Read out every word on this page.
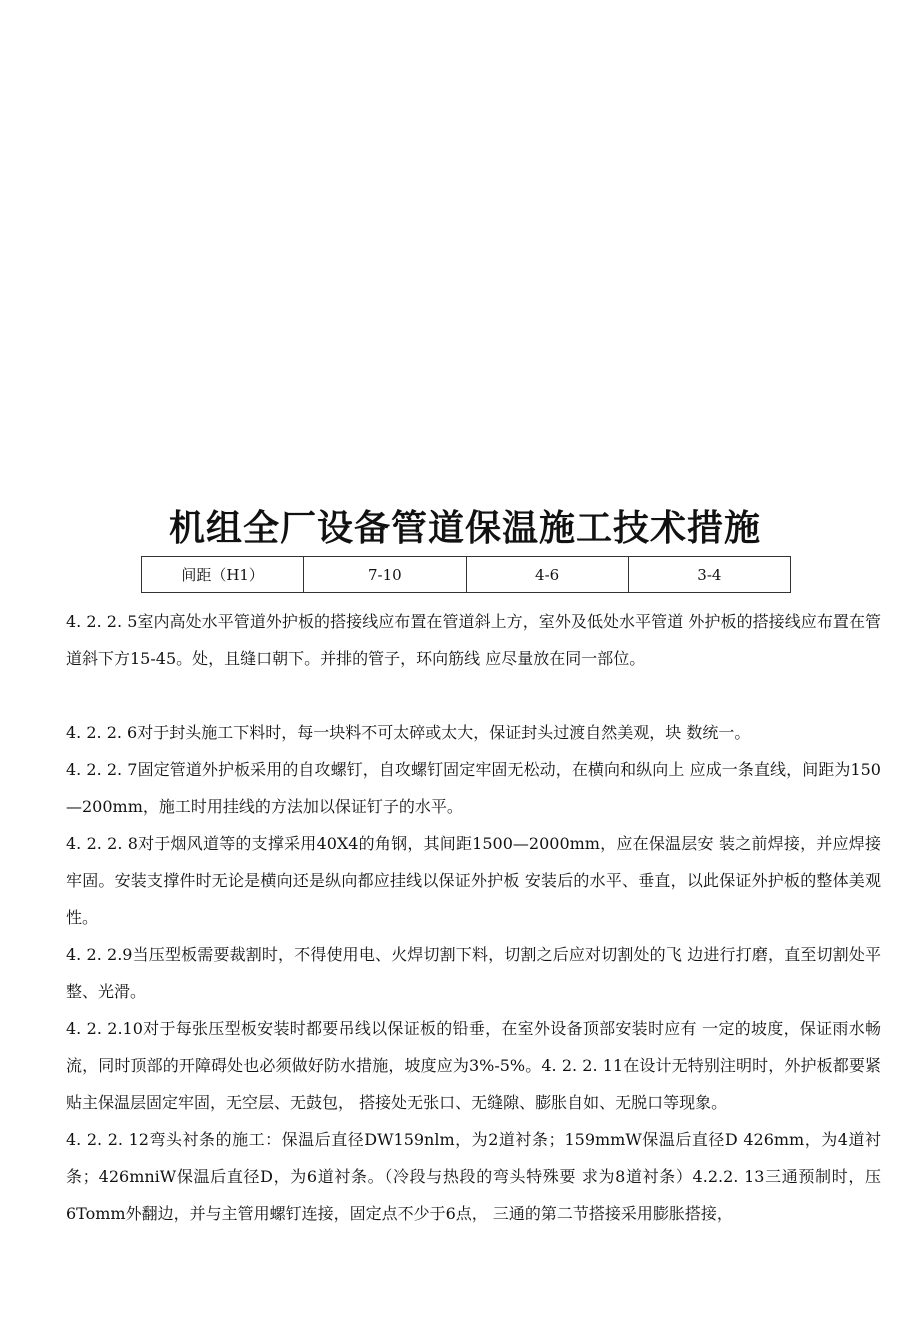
机组全厂设备管道保温施工技术措施
间距（H1）	7-10	4-6	3-4

4. 2. 2. 5室内高处水平管道外护板的搭接线应布置在管道斜上方，室外及低处水平管道 外护板的搭接线应布置在管道斜下方15-45。处，且缝口朝下。并排的管子，环向筋线 应尽量放在同一部位。

4. 2. 2. 6对于封头施工下料时，每一块料不可太碎或太大，保证封头过渡自然美观，块 数统一。

4. 2. 2. 7固定管道外护板采用的自攻螺钉，自攻螺钉固定牢固无松动，在横向和纵向上 应成一条直线，间距为150—200mm，施工时用挂线的方法加以保证钉子的水平。

4. 2. 2. 8对于烟风道等的支撑采用40X4的角钢，其间距1500—2000mm，应在保温层安 装之前焊接，并应焊接牢固。安装支撑件时无论是横向还是纵向都应挂线以保证外护板 安装后的水平、垂直，以此保证外护板的整体美观性。

4. 2. 2.9当压型板需要裁割时，不得使用电、火焊切割下料，切割之后应对切割处的飞 边进行打磨，直至切割处平整、光滑。

4. 2. 2.10对于每张压型板安装时都要吊线以保证板的铅垂，在室外设备顶部安装时应有 一定的坡度，保证雨水畅流，同时顶部的开障碍处也必须做好防水措施，坡度应为3%-5%。4. 2. 2. 11在设计无特别注明时，外护板都要紧贴主保温层固定牢固，无空层、无鼓包， 搭接处无张口、无缝隙、膨胀自如、无脱口等现象。

4. 2. 2. 12弯头衬条的施工：保温后直径DW159nlm，为2道衬条；159mmW保温后直径D 426mm，为4道衬条；426mniW保温后直径D，为6道衬条。（冷段与热段的弯头特殊要 求为8道衬条）4.2.2. 13三通预制时，压6Tomm外翻边，并与主管用螺钉连接，固定点不少于6点， 三通的第二节搭接采用膨胀搭接，
